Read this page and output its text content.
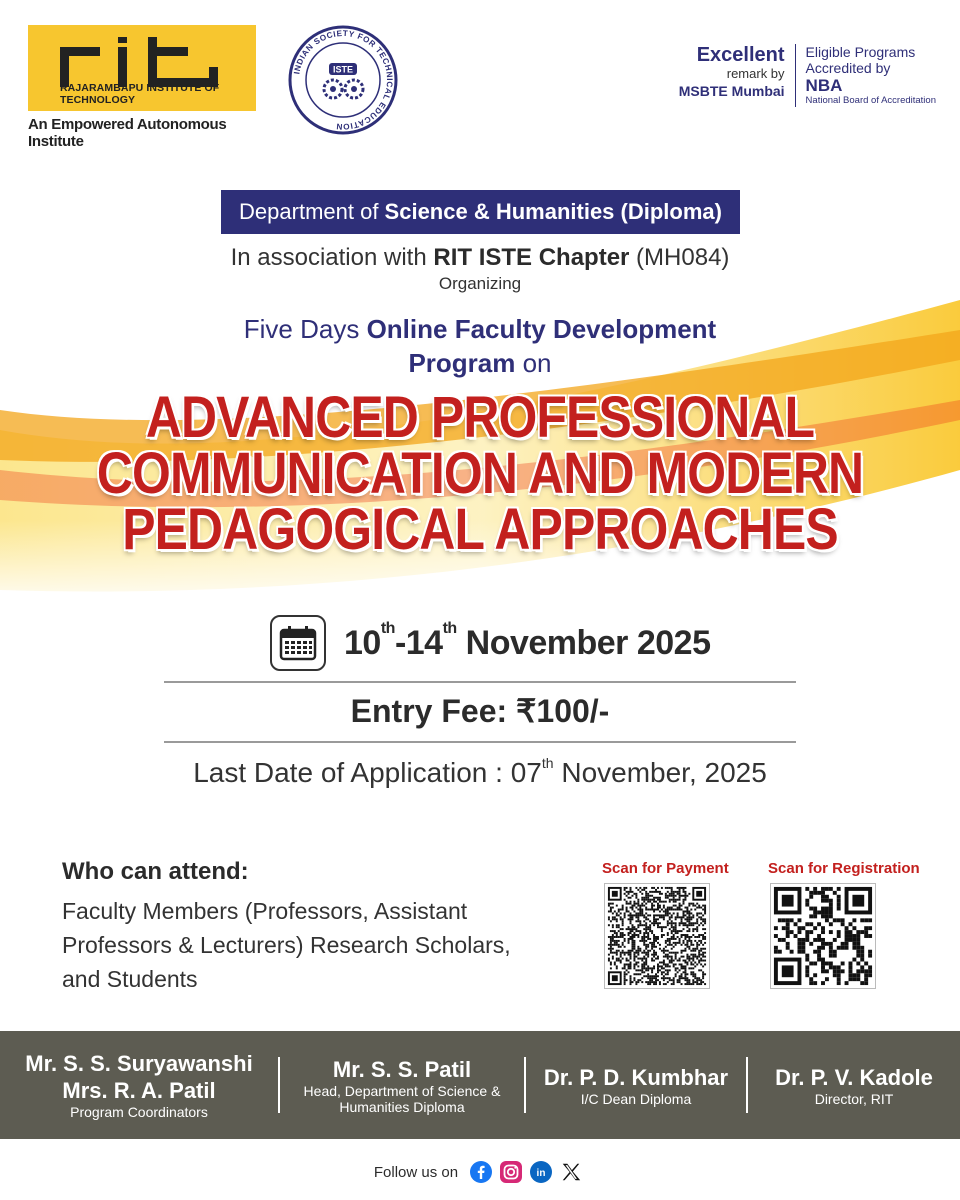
RAJARAMBAPU INSTITUTE OF TECHNOLOGY
An Empowered Autonomous Institute
INDIAN SOCIETY FOR TECHNICAL EDUCATION
ISTE
Excellent
remark by
MSBTE Mumbai
Eligible Programs
Accredited by
NBA
National Board of Accreditation
Department of Science & Humanities (Diploma)
In association with RIT ISTE Chapter (MH084)
Organizing
Five Days Online Faculty Development
Program on
ADVANCED PROFESSIONAL
COMMUNICATION AND MODERN
PEDAGOGICAL APPROACHES
10th-14th November 2025
Entry Fee: ₹100/-
Last Date of Application : 07th November, 2025
Who can attend:
Faculty Members (Professors, Assistant
Professors & Lecturers) Research Scholars,
and Students
Scan for Payment	Scan for Registration
Mr. S. S. Suryawanshi
Mrs. R. A. Patil
Program Coordinators
Mr. S. S. Patil
Head, Department of Science &
Humanities Diploma
Dr. P. D. Kumbhar
I/C Dean Diploma
Dr. P. V. Kadole
Director, RIT
Follow us on	in
